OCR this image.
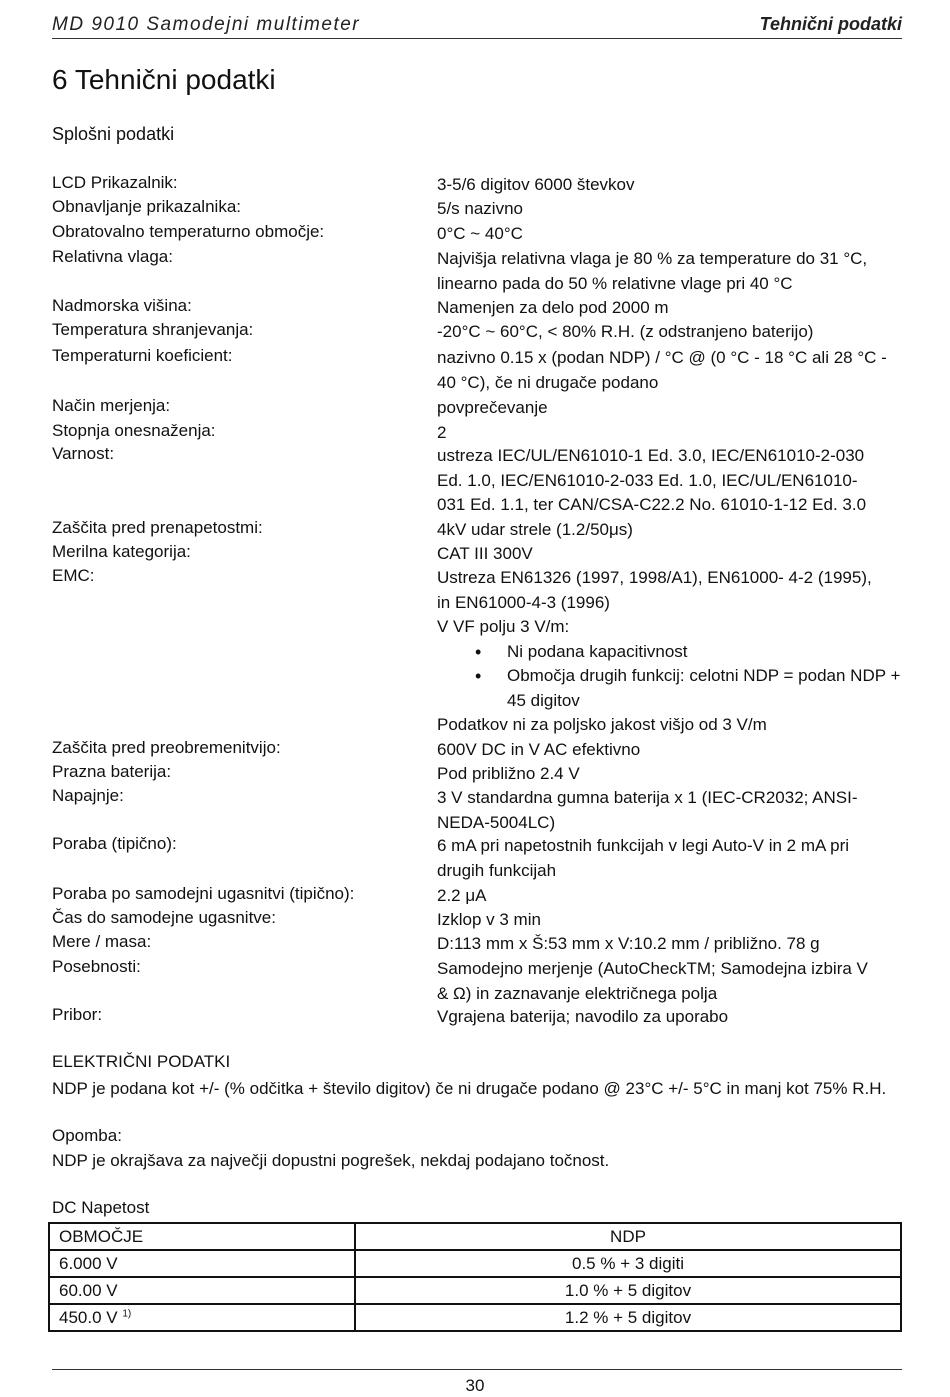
MD 9010 Samodejni multimeter	Tehnični podatki
6 Tehnični podatki
Splošni podatki
LCD Prikazalnik:	3-5/6 digitov 6000 števkov
Obnavljanje prikazalnika:	5/s nazivno
Obratovalno temperaturno območje:	0°C ~ 40°C
Relativna vlaga:	Najvišja relativna vlaga je 80 % za temperature do 31 °C,
linearno pada do 50 % relativne vlage pri 40 °C
Nadmorska višina:	Namenjen za delo pod 2000 m
Temperatura shranjevanja:	-20°C ~ 60°C, < 80% R.H. (z odstranjeno baterijo)
Temperaturni koeficient:	nazivno 0.15 x (podan NDP) / °C @ (0 °C - 18 °C ali 28 °C -
40 °C), če ni drugače podano
Način merjenja:	povprečevanje
Stopnja onesnaženja:	2
Varnost:	ustreza IEC/UL/EN61010-1 Ed. 3.0, IEC/EN61010-2-030
Ed. 1.0, IEC/EN61010-2-033 Ed. 1.0, IEC/UL/EN61010-
031 Ed. 1.1, ter CAN/CSA-C22.2 No. 61010-1-12 Ed. 3.0
Zaščita pred prenapetostmi:	4kV udar strele (1.2/50μs)
Merilna kategorija:	CAT III 300V
EMC:	Ustreza EN61326 (1997, 1998/A1), EN61000- 4-2 (1995),
in EN61000-4-3 (1996)
V VF polju 3 V/m:
• Ni podana kapacitivnost
• Območja drugih funkcij: celotni NDP = podan NDP + 45 digitov
Podatkov ni za poljsko jakost višjo od 3 V/m
Zaščita pred preobremenitvijo:	600V DC in V AC efektivno
Prazna baterija:	Pod približno 2.4 V
Napajnje:	3 V standardna gumna baterija x 1 (IEC-CR2032; ANSI-
NEDA-5004LC)
Poraba (tipično):	6 mA pri napetostnih funkcijah v legi Auto-V in 2 mA pri
drugih funkcijah
Poraba po samodejni ugasnitvi (tipično):	2.2 μA
Čas do samodejne ugasnitve:	Izklop v 3 min
Mere / masa:	D:113 mm x Š:53 mm x V:10.2 mm / približno. 78 g
Posebnosti:	Samodejno merjenje (AutoCheckTM; Samodejna izbira V
& Ω) in zaznavanje električnega polja
Pribor:	Vgrajena baterija; navodilo za uporabo
ELEKTRIČNI PODATKI
NDP je podana kot +/- (% odčitka + število digitov) če ni drugače podano @ 23°C +/- 5°C in manj kot 75% R.H.
Opomba:
NDP je okrajšava za največji dopustni pogrešek, nekdaj podajano točnost.
DC Napetost
OBMOČJE	NDP
6.000 V	0.5 % + 3 digiti
60.00 V	1.0 % + 5 digitov
450.0 V $^{1)}$	1.2 % + 5 digitov
30
